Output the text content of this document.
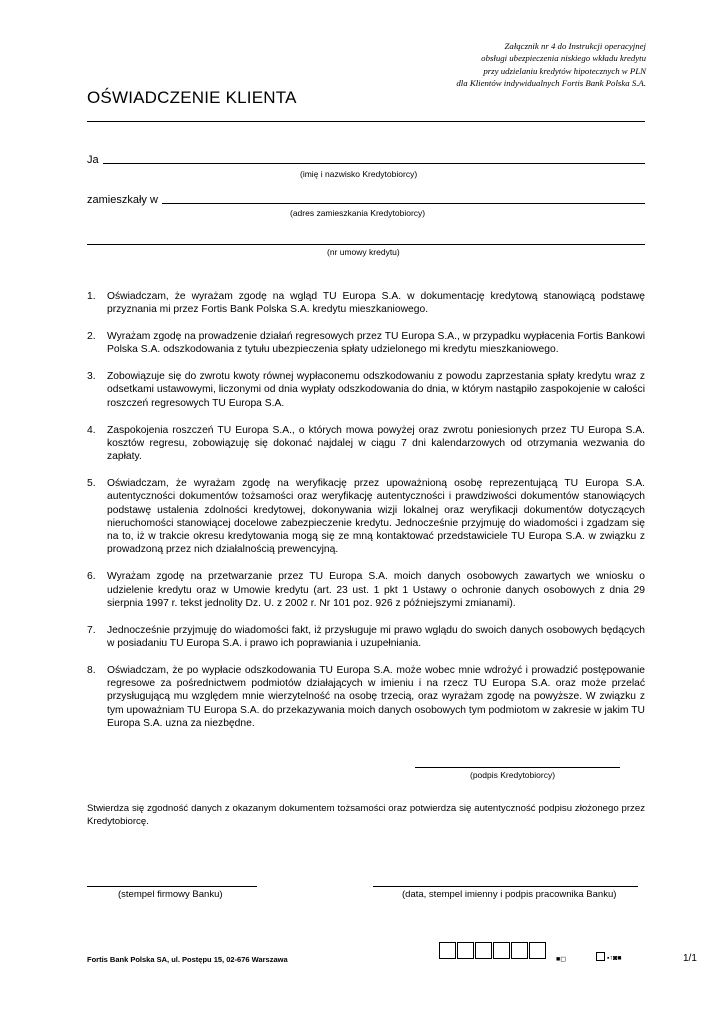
Załącznik nr 4 do Instrukcji operacyjnej
obsługi ubezpieczenia niskiego wkładu kredytu
przy udzielaniu kredytów hipotecznych w PLN
dla Klientów indywidualnych Fortis Bank Polska S.A.
OŚWIADCZENIE KLIENTA
Ja
(imię i nazwisko Kredytobiorcy)
zamieszkały w
(adres zamieszkania Kredytobiorcy)
(nr umowy kredytu)
1.	Oświadczam, że wyrażam zgodę na wgląd TU Europa S.A. w dokumentację kredytową stanowiącą podstawę przyznania mi przez Fortis Bank Polska S.A. kredytu mieszkaniowego.
2.	Wyrażam zgodę na prowadzenie działań regresowych przez TU Europa S.A., w przypadku wypłacenia Fortis Bankowi Polska S.A. odszkodowania z tytułu ubezpieczenia spłaty udzielonego mi kredytu mieszkaniowego.
3.	Zobowiązuje się do zwrotu kwoty równej wypłaconemu odszkodowaniu z powodu zaprzestania spłaty kredytu wraz z odsetkami ustawowymi, liczonymi od dnia wypłaty odszkodowania do dnia, w którym nastąpiło zaspokojenie w całości roszczeń regresowych TU Europa S.A.
4.	Zaspokojenia roszczeń TU Europa S.A., o których mowa powyżej oraz zwrotu poniesionych przez TU Europa S.A. kosztów regresu, zobowiązuję się dokonać najdalej w ciągu 7 dni kalendarzowych od otrzymania wezwania do zapłaty.
5.	Oświadczam, że wyrażam zgodę na weryfikację przez upoważnioną osobę reprezentującą TU Europa S.A. autentyczności dokumentów tożsamości oraz weryfikację autentyczności i prawdziwości dokumentów stanowiących podstawę ustalenia zdolności kredytowej, dokonywania wizji lokalnej oraz weryfikacji dokumentów dotyczących nieruchomości stanowiącej docelowe zabezpieczenie kredytu. Jednocześnie przyjmuję do wiadomości i zgadzam się na to, iż w trakcie okresu kredytowania mogą się ze mną kontaktować przedstawiciele TU Europa S.A. w związku z prowadzoną przez nich działalnością prewencyjną.
6.	Wyrażam zgodę na przetwarzanie przez TU Europa S.A. moich danych osobowych zawartych we wniosku o udzielenie kredytu oraz w Umowie kredytu (art. 23 ust. 1 pkt 1 Ustawy o ochronie danych osobowych z dnia 29 sierpnia 1997 r. tekst jednolity Dz. U. z 2002 r. Nr 101 poz. 926 z późniejszymi zmianami).
7.	Jednocześnie przyjmuję do wiadomości fakt, iż przysługuje mi prawo wglądu do swoich danych osobowych będących w posiadaniu TU Europa S.A. i prawo ich poprawiania i uzupełniania.
8.	Oświadczam, że po wypłacie odszkodowania TU Europa S.A. może wobec mnie wdrożyć i prowadzić postępowanie regresowe za pośrednictwem podmiotów działających w imieniu i na rzecz TU Europa S.A. oraz może przelać przysługującą mu względem mnie wierzytelność na osobę trzecią, oraz wyrażam zgodę na powyższe. W związku z tym upoważniam TU Europa S.A. do przekazywania moich danych osobowych tym podmiotom w zakresie w jakim TU Europa S.A. uzna za niezbędne.
(podpis Kredytobiorcy)
Stwierdza się zgodność danych z okazanym dokumentem tożsamości oraz potwierdza się autentyczność podpisu złożonego przez Kredytobiorcę.
(stempel firmowy Banku)	(data, stempel imienny i podpis pracownika Banku)
Fortis Bank Polska SA, ul. Postępu 15, 02-676 Warszawa	■◻	▪↑◙■	1/1
